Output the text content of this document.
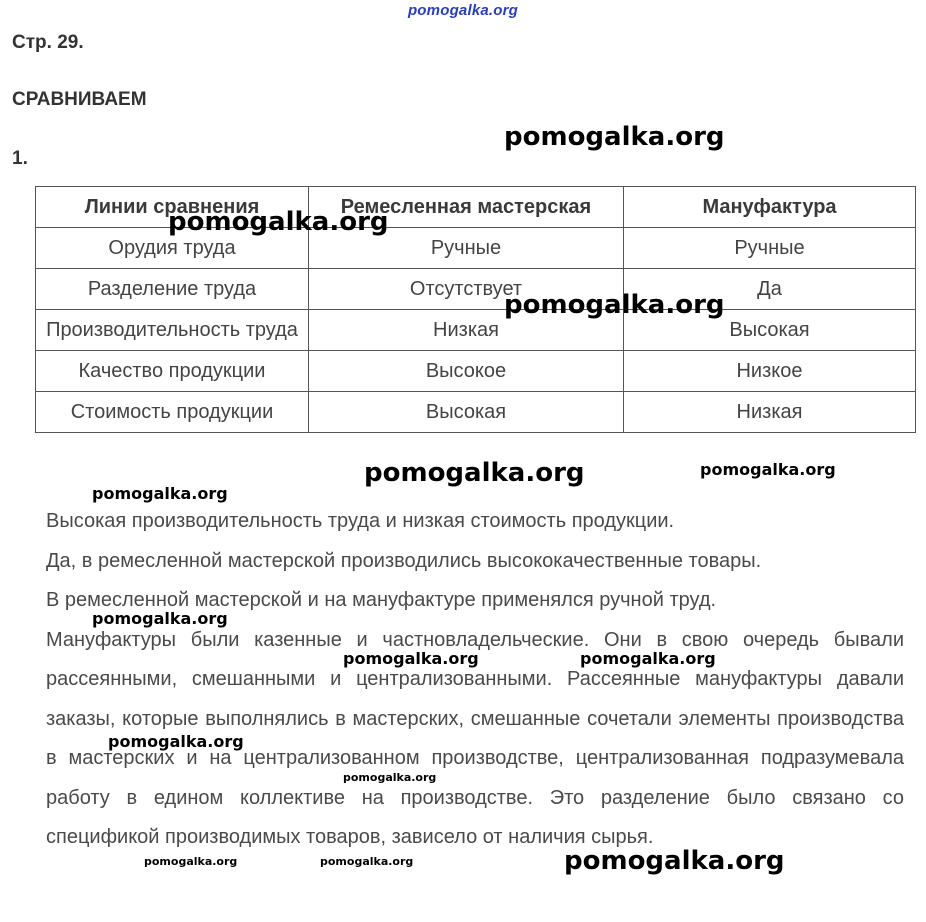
pomogalka.org
Стр. 29.
СРАВНИВАЕМ
1.
Линии сравнения	Ремесленная мастерская	Мануфактура
Орудия труда	Ручные	Ручные
Разделение труда	Отсутствует	Да
Производительность труда	Низкая	Высокая
Качество продукции	Высокое	Низкое
Стоимость продукции	Высокая	Низкая

Высокая производительность труда и низкая стоимость продукции.

Да, в ремесленной мастерской производились высококачественные товары.

В ремесленной мастерской и на мануфактуре применялся ручной труд.

Мануфактуры были казенные и частновладельческие. Они в свою очередь бывали рассеянными, смешанными и централизованными. Рассеянные мануфактуры давали заказы, которые выполнялись в мастерских, смешанные сочетали элементы производства в мастерских и на централизованном производстве, централизованная подразумевала работу в едином коллективе на производстве. Это разделение было связано со спецификой производимых товаров, зависело от наличия сырья.

pomogalka.org
pomogalka.org
pomogalka.org
pomogalka.org	pomogalka.org
pomogalka.org
pomogalka.org
pomogalka.org	pomogalka.org
pomogalka.org
pomogalka.org
pomogalka.org
pomogalka.org	pomogalka.org
